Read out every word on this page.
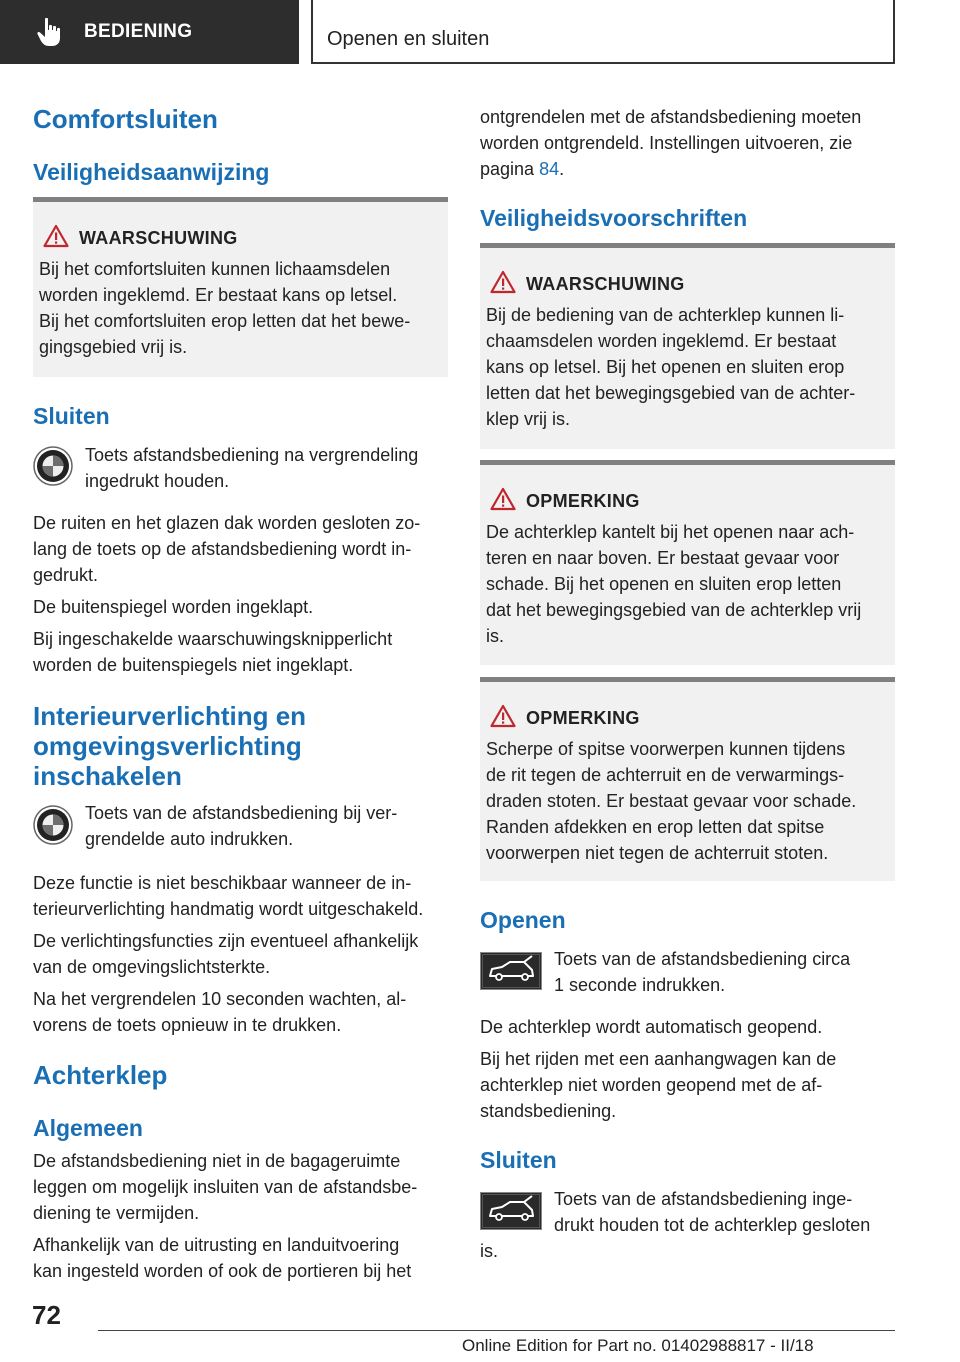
BEDIENING	Openen en sluiten
Comfortsluiten
Veiligheidsaanwijzing
WAARSCHUWING
Bij het comfortsluiten kunnen lichaamsdelen
worden ingeklemd. Er bestaat kans op letsel.
Bij het comfortsluiten erop letten dat het bewe-
gingsgebied vrij is.
Sluiten
Toets afstandsbediening na vergrendeling
ingedrukt houden.
De ruiten en het glazen dak worden gesloten zo-
lang de toets op de afstandsbediening wordt in-
gedrukt.
De buitenspiegel worden ingeklapt.
Bij ingeschakelde waarschuwingsknipperlicht
worden de buitenspiegels niet ingeklapt.
Interieurverlichting en
omgevingsverlichting
inschakelen
Toets van de afstandsbediening bij ver-
grendelde auto indrukken.
Deze functie is niet beschikbaar wanneer de in-
terieurverlichting handmatig wordt uitgeschakeld.
De verlichtingsfuncties zijn eventueel afhankelijk
van de omgevingslichtsterkte.
Na het vergrendelen 10 seconden wachten, al-
vorens de toets opnieuw in te drukken.
Achterklep
Algemeen
De afstandsbediening niet in de bagageruimte
leggen om mogelijk insluiten van de afstandsbe-
diening te vermijden.
Afhankelijk van de uitrusting en landuitvoering
kan ingesteld worden of ook de portieren bij het
ontgrendelen met de afstandsbediening moeten
worden ontgrendeld. Instellingen uitvoeren, zie
pagina 84.
Veiligheidsvoorschriften
WAARSCHUWING
Bij de bediening van de achterklep kunnen li-
chaamsdelen worden ingeklemd. Er bestaat
kans op letsel. Bij het openen en sluiten erop
letten dat het bewegingsgebied van de achter-
klep vrij is.
OPMERKING
De achterklep kantelt bij het openen naar ach-
teren en naar boven. Er bestaat gevaar voor
schade. Bij het openen en sluiten erop letten
dat het bewegingsgebied van de achterklep vrij
is.
OPMERKING
Scherpe of spitse voorwerpen kunnen tijdens
de rit tegen de achterruit en de verwarmings-
draden stoten. Er bestaat gevaar voor schade.
Randen afdekken en erop letten dat spitse
voorwerpen niet tegen de achterruit stoten.
Openen
Toets van de afstandsbediening circa
1 seconde indrukken.
De achterklep wordt automatisch geopend.
Bij het rijden met een aanhangwagen kan de
achterklep niet worden geopend met de af-
standsbediening.
Sluiten
Toets van de afstandsbediening inge-
drukt houden tot de achterklep gesloten
is.
72
Online Edition for Part no. 01402988817 - II/18
